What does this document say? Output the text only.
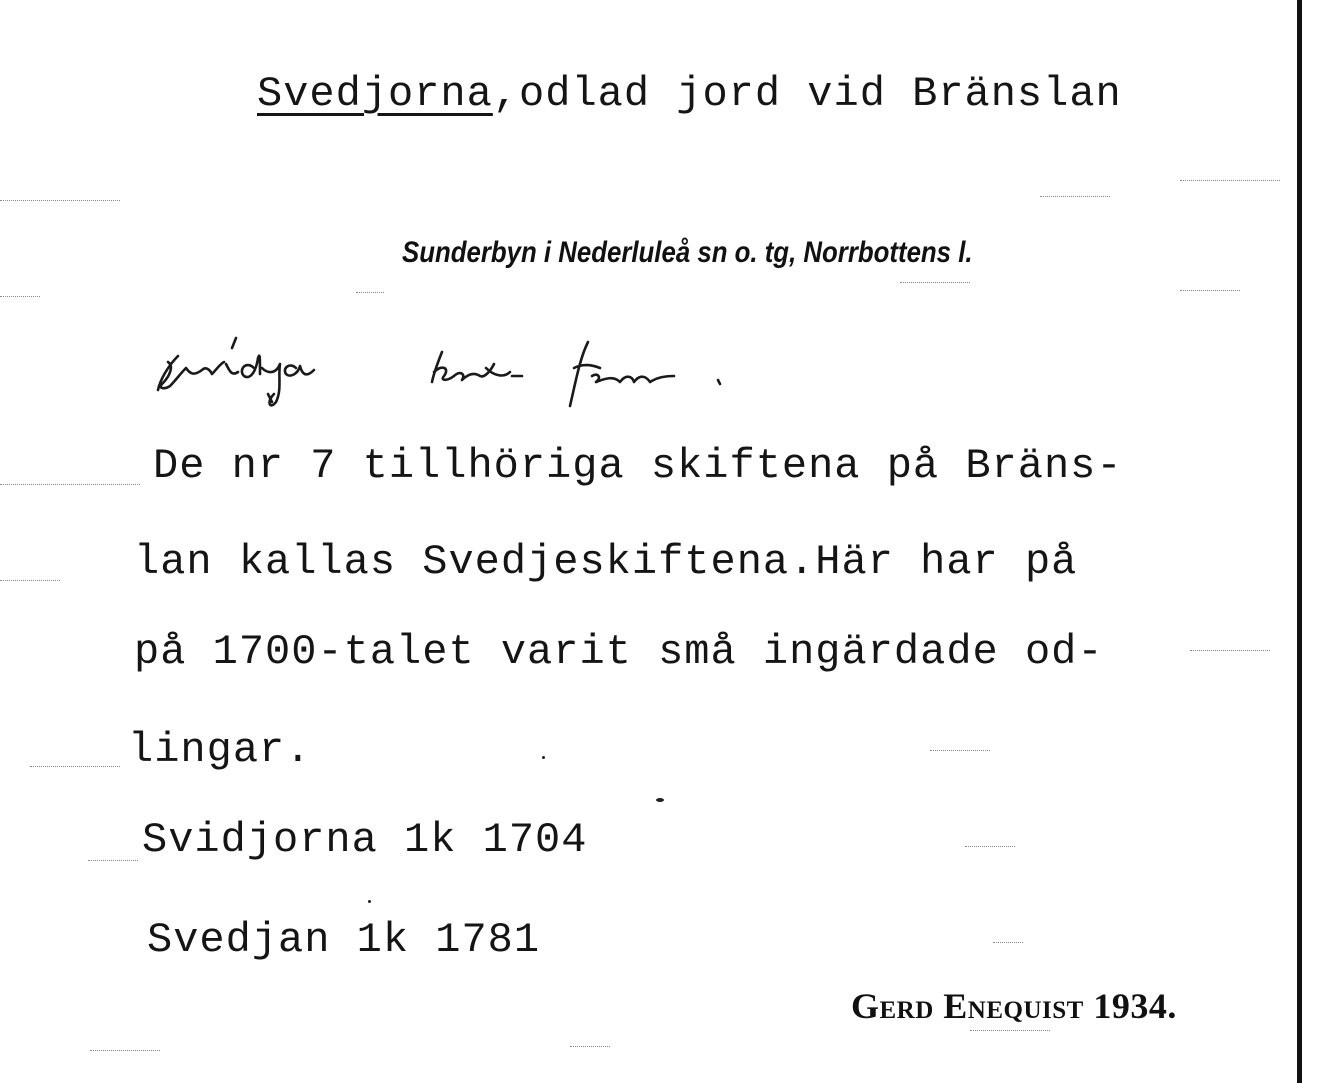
Svedjorna,odlad jord vid Bränslan
Sunderbyn i Nederluleå sn o. tg, Norrbottens l.
De nr 7 tillhöriga skiftena på Bräns-
lan kallas Svedjeskiftena.Här har på
på 1700-talet varit små ingärdade od-
lingar.
Svidjorna 1k 1704
Svedjan 1k 1781
Gerd Enequist 1934.
